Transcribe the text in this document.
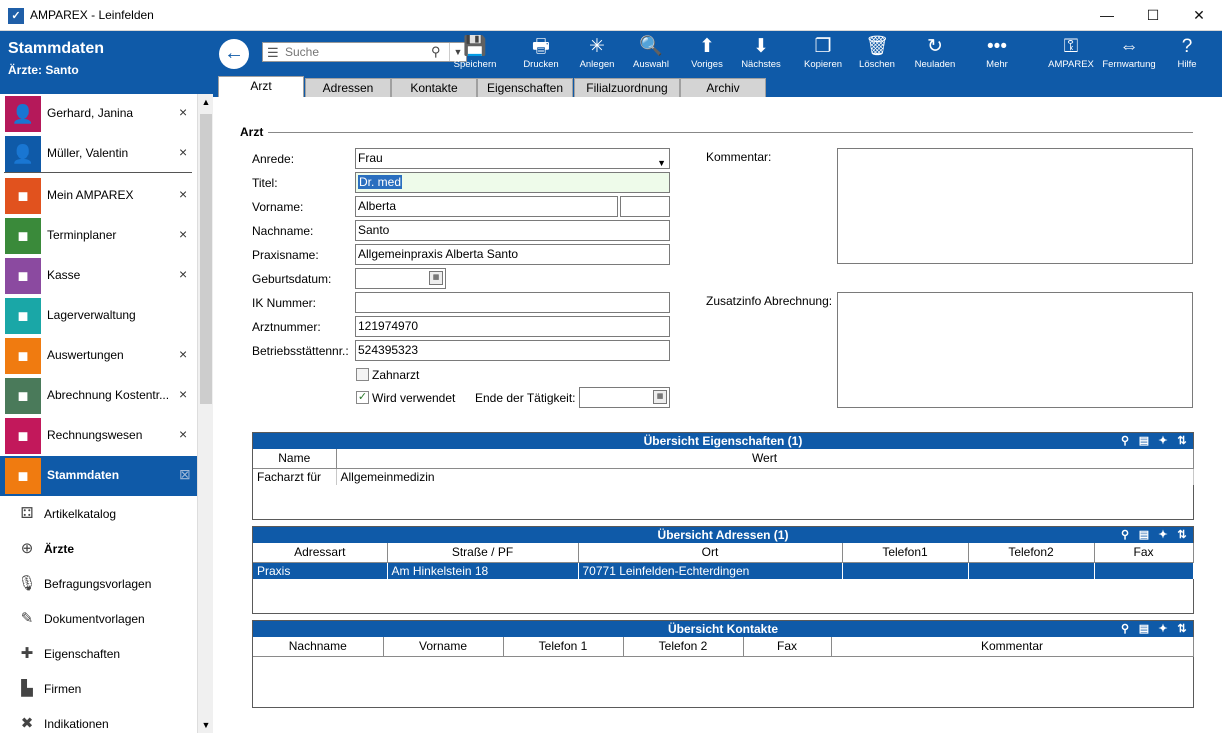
✓ AMPAREX - Leinfelden	—	☐	✕
Stammdaten
Ärzte: Santo
👤	Gerhard, Janina	×
👤	Müller, Valentin	×
■	Mein AMPAREX	×
■	Terminplaner	×
■	Kasse	×
■	Lagerverwaltung
■	Auswertungen	×
■	Abrechnung Kostentr... ×
■	Rechnungswesen	×
■	Stammdaten	⊠
⚃ Artikelkatalog
⊕ Ärzte
🎙 Befragungsvorlagen
✎ Dokumentvorlagen
✚ Eigenschaften
▙ Firmen
✖ Indikationen
▲
▼
←	☰
Suche	⚲	▼ 💾
Speichern
🖶
Drucken
✳
Anlegen
🔍
Auswahl
⬆
Voriges
⬇
Nächstes
❐
Kopieren
🗑
Löschen
↻
Neuladen
•••
Mehr
⚿
AMPAREX
⇔
Fernwartung
?
Hilfe
Arzt	Adressen	Kontakte	Eigenschaften	Filialzuordnung	Archiv
Arzt
Anrede:	Frau	▼
Titel:	Dr. med
Vorname:	Alberta
Nachname:	Santo
Praxisname:	Allgemeinpraxis Alberta Santo
Geburtsdatum:	▦
IK Nummer:
Arztnummer:	121974970
Betriebsstättennr.: 524395323
Zahnarzt
✓ Wird verwendet Ende der Tätigkeit:	▦
Kommentar:
Zusatzinfo Abrechnung:
Übersicht Eigenschaften (1)	⚲ ▤ ✦ ⇅
Name	Wert
Facharzt für	Allgemeinmedizin
Übersicht Adressen (1)	⚲ ▤ ✦ ⇅
Adressart	Straße / PF	Ort	Telefon1	Telefon2	Fax
Praxis	Am Hinkelstein 18	70771 Leinfelden-Echterdingen			
Übersicht Kontakte	⚲ ▤ ✦ ⇅
Nachname	Vorname	Telefon 1	Telefon 2	Fax	Kommentar
